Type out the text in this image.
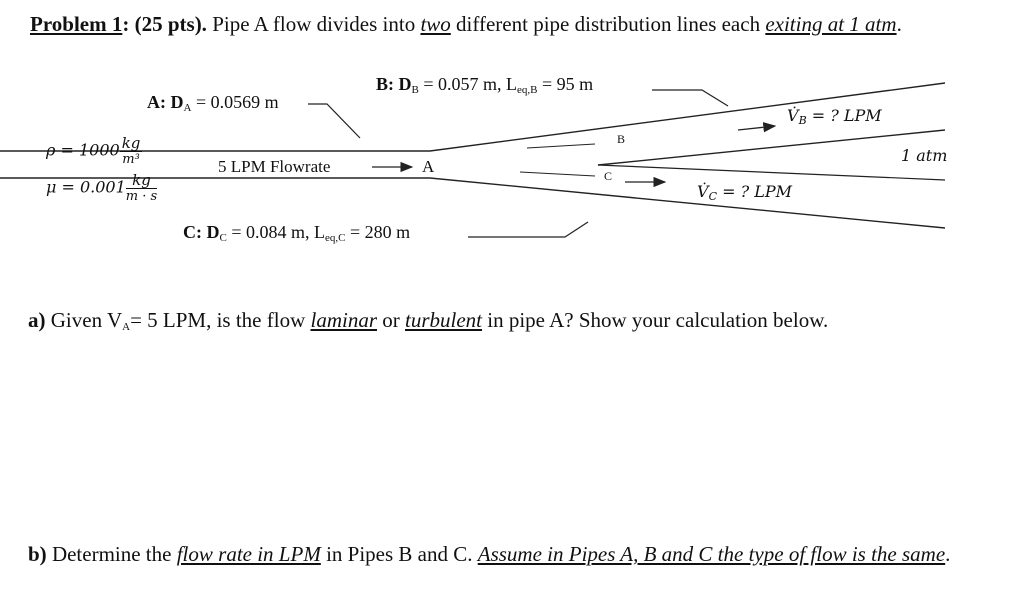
Problem 1: (25 pts). Pipe A flow divides into two different pipe distribution lines each exiting at 1 atm.
A: $D_A = 0.0569$ m
B: $D_B = 0.057$ m, $L_{eq,B} = 95$ m
C: $D_C = 0.084$ m, $L_{eq,C} = 280$ m
$\rho = 1000 \frac{kg}{\text{m³}}$
$\mu = 0.001 \frac{kg}{m \cdot s}$
5 LPM Flowrate	A
B
C
$V̇_B$ = ? LPM
$V̇_C$ = ? LPM
1 atm
a) Given $V_A= 5$ LPM, is the flow laminar or turbulent in pipe A? Show your calculation below.
b) Determine the flow rate in LPM in Pipes B and C. Assume in Pipes A, B and C the type of flow is the same.
